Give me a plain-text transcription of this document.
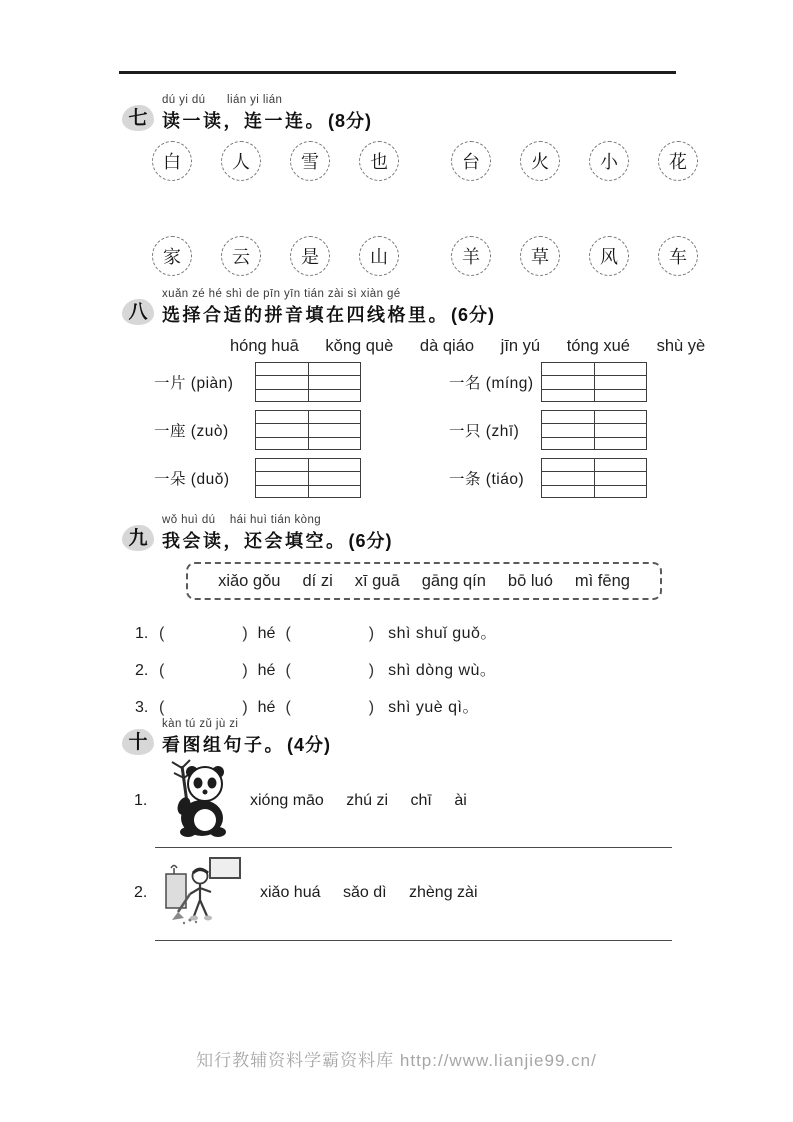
七
dú yi dú      lián yi lián
读一读，连一连。 (8分)
白	人	雪	也	台	火	小	花
家	云	是	山	羊	草	风	车
八
xuǎn zé hé shì de pīn yīn tián zài sì xiàn gé
选择合适的拼音填在四线格里。 (6分)
hóng huā kǒng què dà qiáo jīn yú tóng xué shù yè
一片 (piàn)	一名 (míng)
一座 (zuò)	一只 (zhī)
一朵 (duǒ)	一条 (tiáo)
九
wǒ huì dú    hái huì tián kòng
我会读，还会填空。 (6分)
xiǎo gǒu dí zi xī guā gāng qín bō luó mì fēng
1. (	) hé (	) shì shuǐ guǒ。
2. (	) hé (	) shì dòng wù。
3. (	) hé (	) shì yuè qì。
十
kàn tú zǔ jù zi
看图组句子。 (4分)
1.	xióng māo zhú zi chī ài
2.	xiǎo huá sǎo dì zhèng zài
知行教辅资料学霸资料库 http://www.lianjie99.cn/
